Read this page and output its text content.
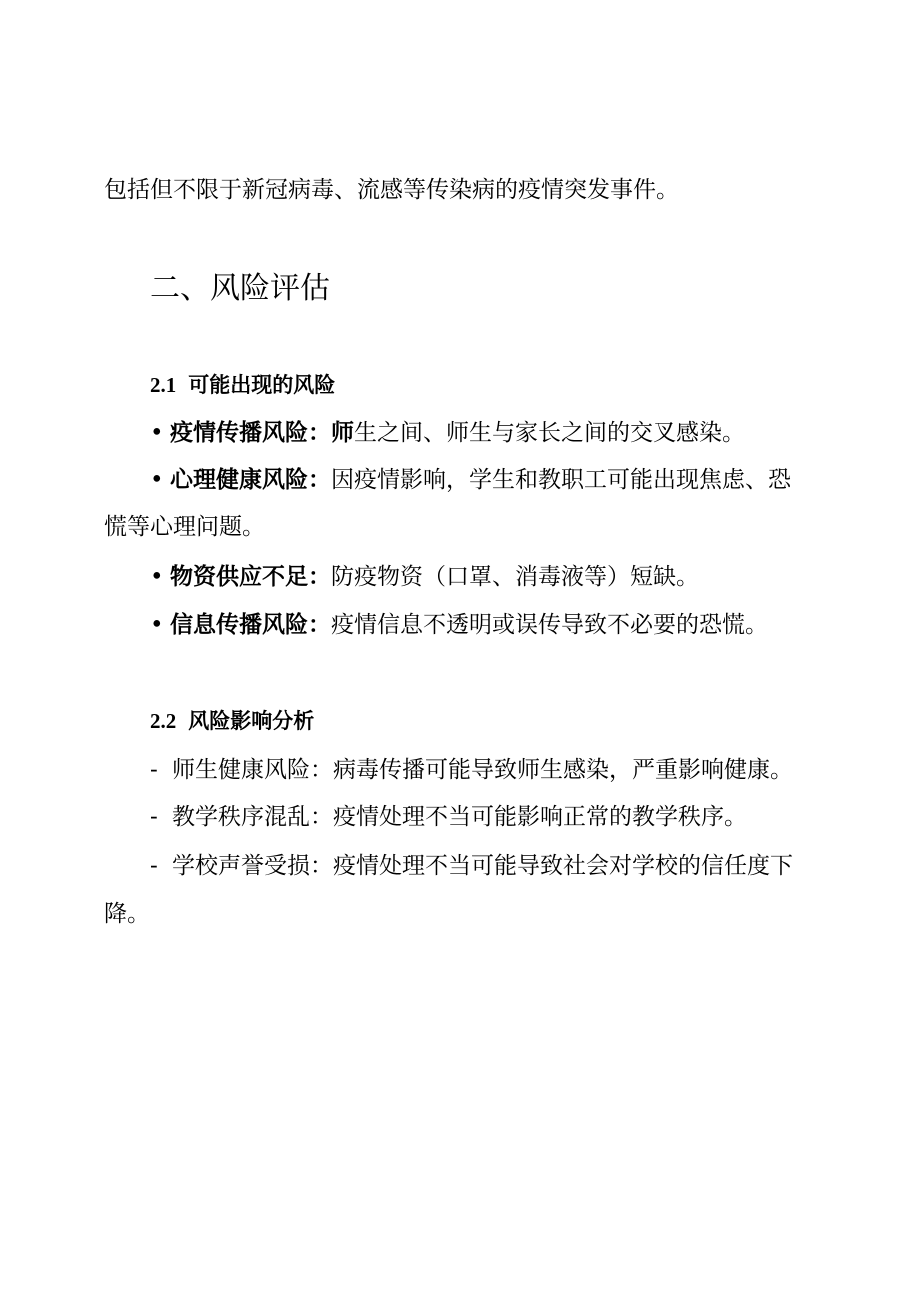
包括但不限于新冠病毒、流感等传染病的疫情突发事件。
二、风险评估
2.1 可能出现的风险
• 疫情传播风险：师生之间、师生与家长之间的交叉感染。
• 心理健康风险：因疫情影响，学生和教职工可能出现焦虑、恐
慌等心理问题。
• 物资供应不足：防疫物资（口罩、消毒液等）短缺。
• 信息传播风险：疫情信息不透明或误传导致不必要的恐慌。
2.2 风险影响分析
- 师生健康风险：病毒传播可能导致师生感染，严重影响健康。
- 教学秩序混乱：疫情处理不当可能影响正常的教学秩序。
- 学校声誉受损：疫情处理不当可能导致社会对学校的信任度下
降。
